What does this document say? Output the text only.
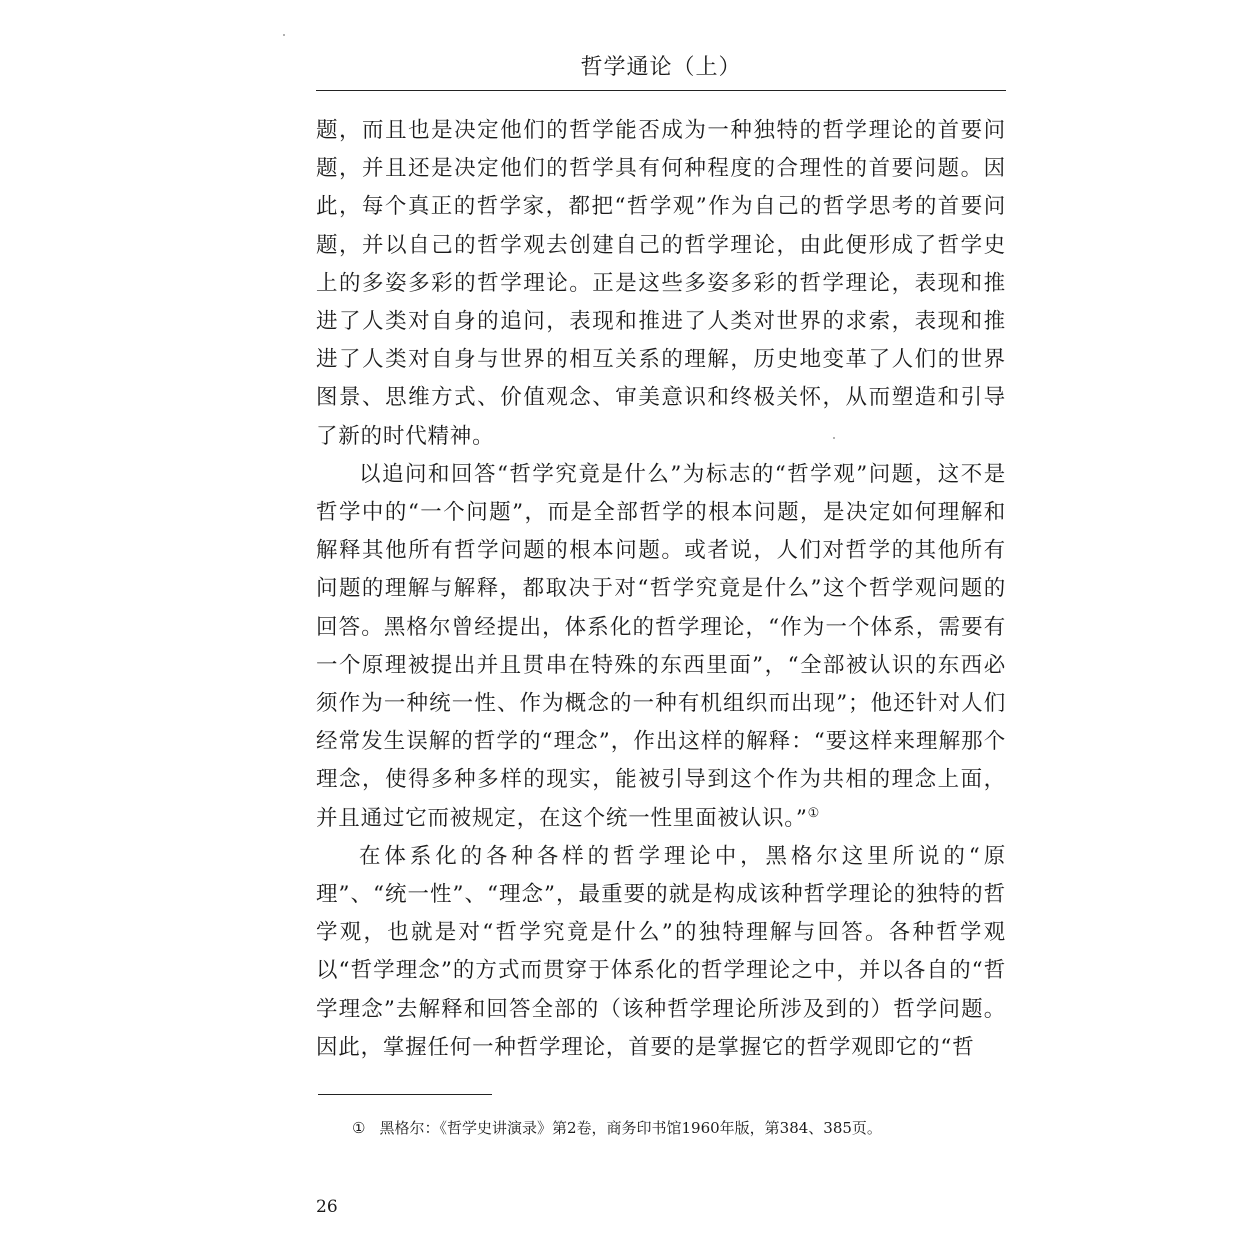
哲学通论（上）

题，而且也是决定他们的哲学能否成为一种独特的哲学理论的首要问题，并且还是决定他们的哲学具有何种程度的合理性的首要问题。因此，每个真正的哲学家，都把“哲学观”作为自己的哲学思考的首要问题，并以自己的哲学观去创建自己的哲学理论，由此便形成了哲学史上的多姿多彩的哲学理论。正是这些多姿多彩的哲学理论，表现和推进了人类对自身的追问，表现和推进了人类对世界的求索，表现和推进了人类对自身与世界的相互关系的理解，历史地变革了人们的世界图景、思维方式、价值观念、审美意识和终极关怀，从而塑造和引导了新的时代精神。

以追问和回答“哲学究竟是什么”为标志的“哲学观”问题，这不是哲学中的“一个问题”，而是全部哲学的根本问题，是决定如何理解和解释其他所有哲学问题的根本问题。或者说，人们对哲学的其他所有问题的理解与解释，都取决于对“哲学究竟是什么”这个哲学观问题的回答。黑格尔曾经提出，体系化的哲学理论，“作为一个体系，需要有一个原理被提出并且贯串在特殊的东西里面”，“全部被认识的东西必须作为一种统一性、作为概念的一种有机组织而出现”；他还针对人们经常发生误解的哲学的“理念”，作出这样的解释：“要这样来理解那个理念，使得多种多样的现实，能被引导到这个作为共相的理念上面，并且通过它而被规定，在这个统一性里面被认识。”①

在体系化的各种各样的哲学理论中，黑格尔这里所说的“原理”、“统一性”、“理念”，最重要的就是构成该种哲学理论的独特的哲学观，也就是对“哲学究竟是什么”的独特理解与回答。各种哲学观以“哲学理念”的方式而贯穿于体系化的哲学理论之中，并以各自的“哲学理念”去解释和回答全部的（该种哲学理论所涉及到的）哲学问题。因此，掌握任何一种哲学理论，首要的是掌握它的哲学观即它的“哲

① 黑格尔：《哲学史讲演录》第2卷，商务印书馆1960年版，第384、385页。
26
